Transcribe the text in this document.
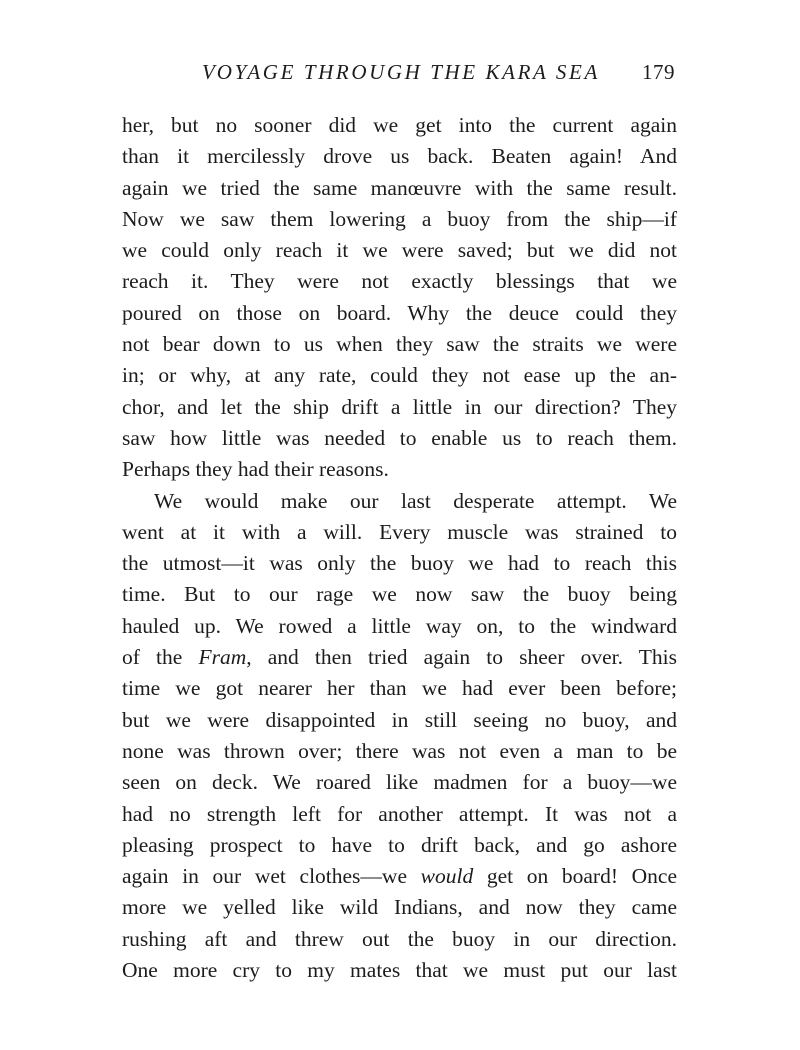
VOYAGE THROUGH THE KARA SEA 179
her, but no sooner did we get into the current again
than it mercilessly drove us back. Beaten again! And
again we tried the same manœuvre with the same result.
Now we saw them lowering a buoy from the ship—if
we could only reach it we were saved; but we did not
reach it. They were not exactly blessings that we
poured on those on board. Why the deuce could they
not bear down to us when they saw the straits we were
in; or why, at any rate, could they not ease up the an-
chor, and let the ship drift a little in our direction? They
saw how little was needed to enable us to reach them.
Perhaps they had their reasons.
We would make our last desperate attempt. We
went at it with a will. Every muscle was strained to
the utmost—it was only the buoy we had to reach this
time. But to our rage we now saw the buoy being
hauled up. We rowed a little way on, to the windward
of the Fram, and then tried again to sheer over. This
time we got nearer her than we had ever been before;
but we were disappointed in still seeing no buoy, and
none was thrown over; there was not even a man to be
seen on deck. We roared like madmen for a buoy—we
had no strength left for another attempt. It was not a
pleasing prospect to have to drift back, and go ashore
again in our wet clothes—we would get on board! Once
more we yelled like wild Indians, and now they came
rushing aft and threw out the buoy in our direction.
One more cry to my mates that we must put our last
